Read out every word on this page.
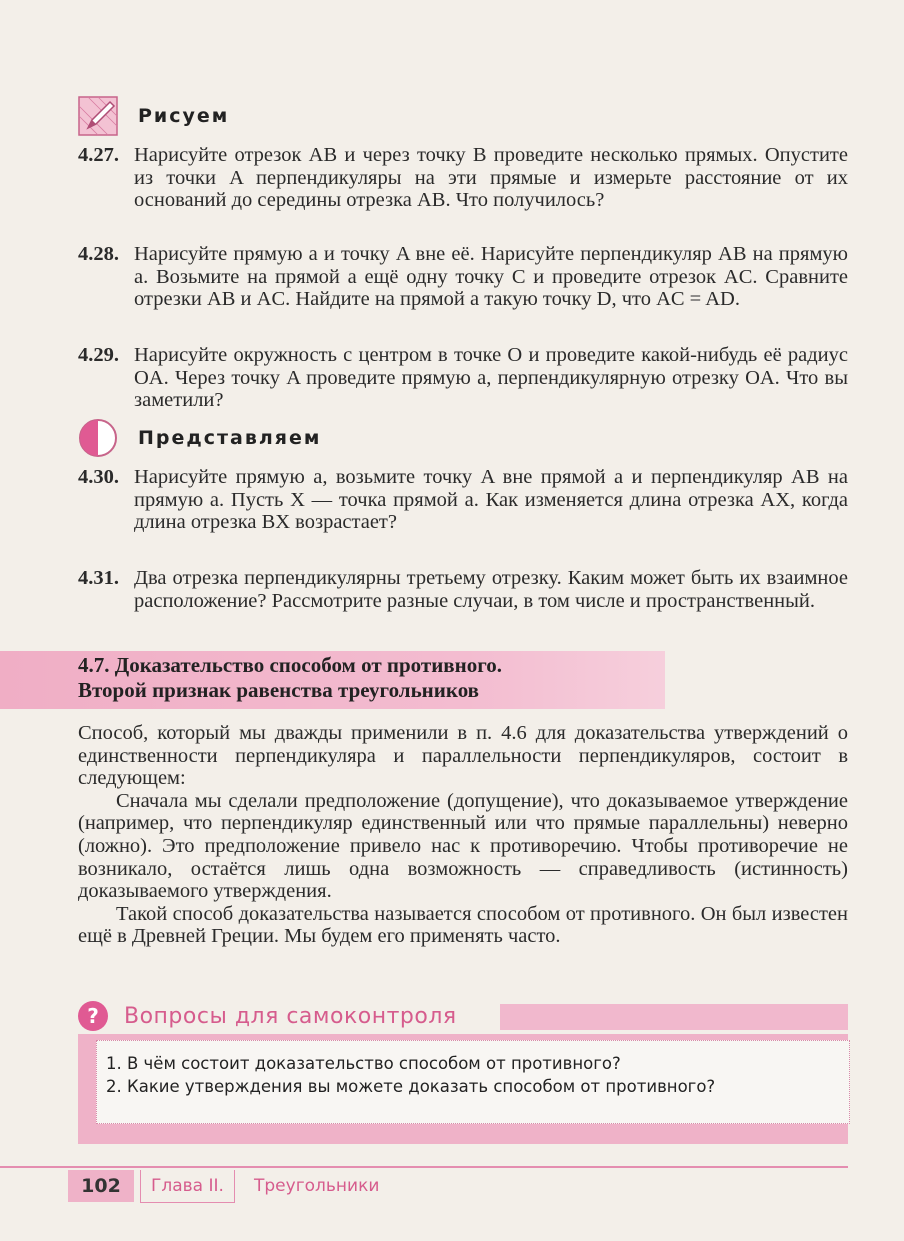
Рисуем
4.27. Нарисуйте отрезок AB и через точку B проведите несколько прямых. Опустите из точки A перпендикуляры на эти прямые и измерьте расстояние от их оснований до середины отрезка AB. Что получилось?
4.28. Нарисуйте прямую a и точку A вне её. Нарисуйте перпендикуляр AB на прямую a. Возьмите на прямой a ещё одну точку C и проведите отрезок AC. Сравните отрезки AB и AC. Найдите на прямой a такую точку D, что AC = AD.
4.29. Нарисуйте окружность с центром в точке O и проведите какой-нибудь её радиус OA. Через точку A проведите прямую a, перпендикулярную отрезку OA. Что вы заметили?
Представляем
4.30. Нарисуйте прямую a, возьмите точку A вне прямой a и перпендикуляр AB на прямую a. Пусть X — точка прямой a. Как изменяется длина отрезка AX, когда длина отрезка BX возрастает?
4.31. Два отрезка перпендикулярны третьему отрезку. Каким может быть их взаимное расположение? Рассмотрите разные случаи, в том числе и пространственный.
4.7. Доказательство способом от противного.
Второй признак равенства треугольников

Способ, который мы дважды применили в п. 4.6 для доказательства утверждений о единственности перпендикуляра и параллельности перпендикуляров, состоит в следующем:

Сначала мы сделали предположение (допущение), что доказываемое утверждение (например, что перпендикуляр единственный или что прямые параллельны) неверно (ложно). Это предположение привело нас к противоречию. Чтобы противоречие не возникало, остаётся лишь одна возможность — справедливость (истинность) доказываемого утверждения.

Такой способ доказательства называется способом от противного. Он был известен ещё в Древней Греции. Мы будем его применять часто.

?	Вопросы для самоконтроля
1. В чём состоит доказательство способом от противного?
2. Какие утверждения вы можете доказать способом от противного?
102	Глава II.	Треугольники
